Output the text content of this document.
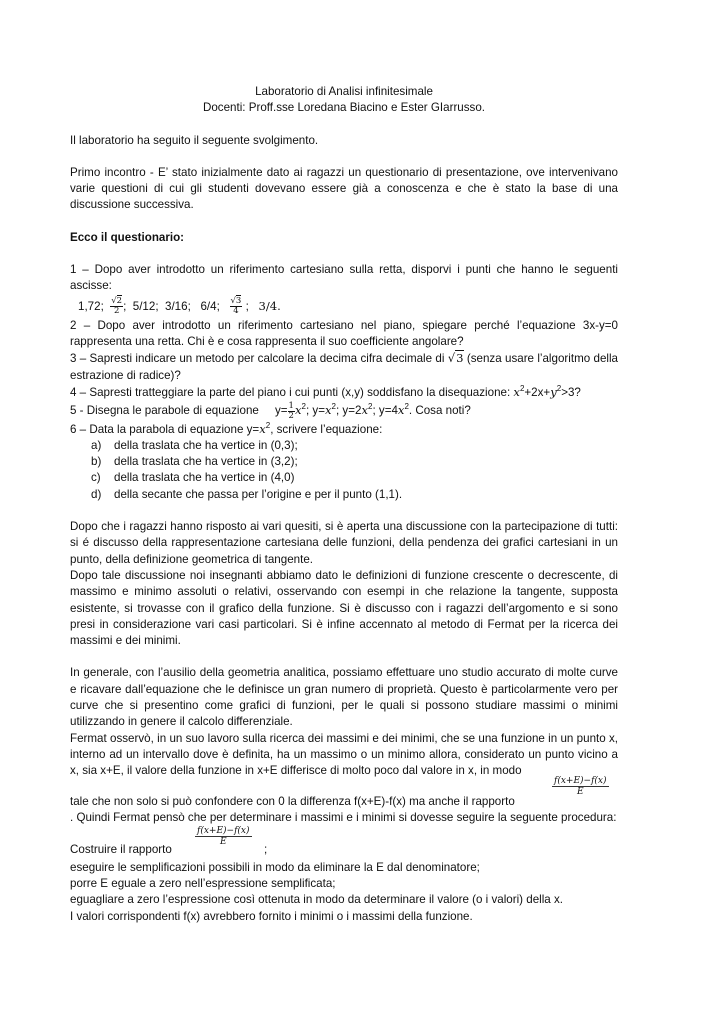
Laboratorio di Analisi infinitesimale

Docenti: Proff.sse Loredana Biacino e Ester GIarrusso.

Il laboratorio ha seguito il seguente svolgimento.

Primo incontro - E’ stato inizialmente dato ai ragazzi un questionario di presentazione, ove intervenivano varie questioni di cui gli studenti dovevano essere già a conoscenza e che è stato la base di una discussione successiva.

Ecco il questionario:

1 – Dopo aver introdotto un riferimento cartesiano sulla retta, disporvi i punti che hanno le seguenti ascisse:

1,72; $\frac{√2}{2}$ ;  5/12; 3/16; 6/4; $\frac{√3}{4}$ ;   3/4.

2 – Dopo aver introdotto un riferimento cartesiano nel piano, spiegare perché l’equazione 3x-y=0 rappresenta una retta. Chi è e cosa rappresenta il suo coefficiente angolare?

3 – Sapresti indicare un metodo per calcolare la decima cifra decimale di √3 (senza usare l’algoritmo della estrazione di radice)?

4 – Sapresti tratteggiare la parte del piano i cui punti (x,y) soddisfano la disequazione: $x^2+2x+y^2>3$?

5 - Disegna le parabole di equazione $y= \frac{1}{2} x^2$; $y=x^2$; $y=2x^2$; $y=4x^2$. Cosa noti?

6 – Data la parabola di equazione $y=x^2$, scrivere l’equazione:

a) della traslata che ha vertice in (0,3);
b) della traslata che ha vertice in (3,2);
c) della traslata che ha vertice in (4,0)
d) della secante che passa per l’origine e per il punto (1,1).

Dopo che i ragazzi hanno risposto ai vari quesiti, si è aperta una discussione con la partecipazione di tutti: si é discusso della rappresentazione cartesiana delle funzioni, della pendenza dei grafici cartesiani in un punto, della definizione geometrica di tangente.

Dopo tale discussione noi insegnanti abbiamo dato le definizioni di funzione crescente o decrescente, di massimo e minimo assoluti o relativi, osservando con esempi in che relazione la tangente, supposta esistente, si trovasse con il grafico della funzione. Si è discusso con i ragazzi dell’argomento e si sono presi in considerazione vari casi particolari. Si è infine accennato al metodo di Fermat per la ricerca dei massimi e dei minimi.

In generale, con l’ausilio della geometria analitica, possiamo effettuare uno studio accurato di molte curve e ricavare dall’equazione che le definisce un gran numero di proprietà. Questo è particolarmente vero per curve che si presentino come grafici di funzioni, per le quali si possono studiare massimi o minimi utilizzando in genere il calcolo differenziale.

Fermat osservò, in un suo lavoro sulla ricerca dei massimi e dei minimi, che se una funzione in un punto x, interno ad un intervallo dove è definita, ha un massimo o un minimo allora, considerato un punto vicino a x, sia x+E, il valore della funzione in x+E differisce di molto poco dal valore in x, in modo

tale che non solo si può confondere con 0 la differenza f(x+E)-f(x) ma anche il rapporto
$\frac{f(x+E)-f(x)}{E}$

. Quindi Fermat pensò che per determinare i massimi e i minimi si dovesse seguire la seguente procedura:

$\frac{f(x+E)-f(x)}{E}$
Costruire il rapporto	;

eseguire le semplificazioni possibili in modo da eliminare la E dal denominatore;

porre E eguale a zero nell’espressione semplificata;

eguagliare a zero l’espressione così ottenuta in modo da determinare il valore (o i valori) della x.

I valori corrispondenti f(x) avrebbero fornito i minimi o i massimi della funzione.
